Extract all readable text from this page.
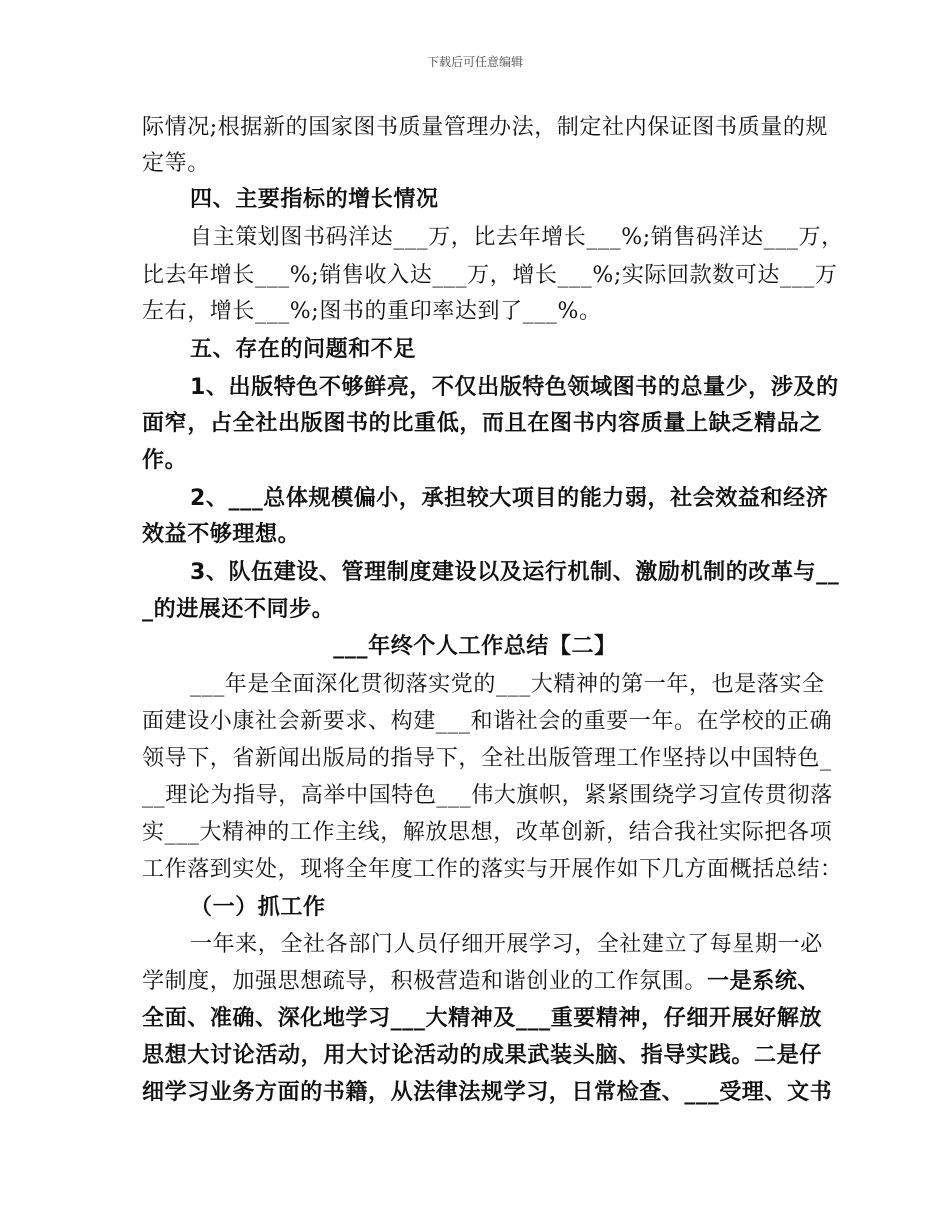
下载后可任意编辑
际情况;根据新的国家图书质量管理办法，制定社内保证图书质量的规
定等。
四、主要指标的增长情况
自主策划图书码洋达___万，比去年增长___%;销售码洋达___万，
比去年增长___%;销售收入达___万，增长___%;实际回款数可达___万
左右，增长___%;图书的重印率达到了___%。
五、存在的问题和不足
1、出版特色不够鲜亮，不仅出版特色领域图书的总量少，涉及的
面窄，占全社出版图书的比重低，而且在图书内容质量上缺乏精品之
作。
2、___总体规模偏小，承担较大项目的能力弱，社会效益和经济
效益不够理想。
3、队伍建设、管理制度建设以及运行机制、激励机制的改革与__
_的进展还不同步。
___年终个人工作总结【二】
___年是全面深化贯彻落实党的___大精神的第一年，也是落实全
面建设小康社会新要求、构建___和谐社会的重要一年。在学校的正确
领导下，省新闻出版局的指导下，全社出版管理工作坚持以中国特色_
__理论为指导，高举中国特色___伟大旗帜，紧紧围绕学习宣传贯彻落
实___大精神的工作主线，解放思想，改革创新，结合我社实际把各项
工作落到实处，现将全年度工作的落实与开展作如下几方面概括总结：
（一）抓工作
一年来，全社各部门人员仔细开展学习，全社建立了每星期一必
学制度，加强思想疏导，积极营造和谐创业的工作氛围。一是系统、
全面、准确、深化地学习___大精神及___重要精神，仔细开展好解放
思想大讨论活动，用大讨论活动的成果武装头脑、指导实践。二是仔
细学习业务方面的书籍，从法律法规学习，日常检查、___受理、文书
